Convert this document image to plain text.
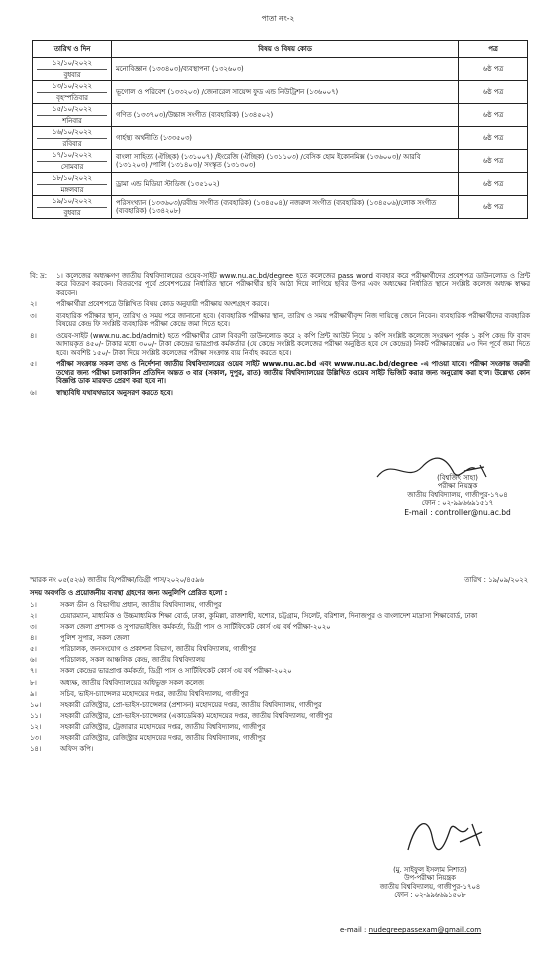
পাতা নং-২
তারিখ ও দিন	বিষয় ও বিষয় কোড	পত্র

১২/১০/২০২২
বুধবার	মনোবিজ্ঞান (১৩৩৪০৩)/ব্যবস্থাপনা (১৩২৬০৩)	৬ষ্ঠ পত্র

১৩/১০/২০২২
বৃহস্পতিবার	ভূগোল ও পরিবেশ (১৩৩২০৩) /জেনারেল সায়েন্স ফুড এন্ড নিউট্রিশন (১৩৬০০৭)	৬ষ্ঠ পত্র

১৫/১০/২০২২
শনিবার	গণিত (১৩৩৭০৩)/উচ্চাঙ্গ সংগীত (ব্যবহারিক) (১৩৪৫০২)	৬ষ্ঠ পত্র

১৬/১০/২০২২
রবিবার	গার্হস্থ্য অর্থনীতি (১৩৩৫০৩)	৬ষ্ঠ পত্র

১৭/১০/২০২২
সোমবার	বাংলা সাহিত্য (ঐচ্ছিক) (১৩১০০৭) /ইংরেজি (ঐচ্ছিক) (১৩১১০৩) /বেসিক হোম ইকোনমিক্স (১৩৬০০৩)/ আরবি (১৩১২০৩) /পালি (১৩১৪০৩)/ সংস্কৃত (১৩১৩০৩)	৬ষ্ঠ পত্র

১৮/১০/২০২২
মঙ্গলবার	ড্রামা এন্ড মিডিয়া স্টাডিজ (১৩৫১০২)	৬ষ্ঠ পত্র

১৯/১০/২০২২
বুধবার	পরিসংখ্যান (১৩৩৬০৩)/রবীন্দ্র সংগীত (ব্যবহারিক) (১৩৪৫০৪)/ নজরুল সংগীত (ব্যবহারিক) (১৩৪৫০৬)/লোক সংগীত (ব্যবহারিক) (১৩৪২০৮)	৬ষ্ঠ পত্র
বি: দ্র:	১। কলেজের অধ্যক্ষগণ জাতীয় বিশ্ববিদ্যালয়ের ওয়েব-সাইট www.nu.ac.bd/degree হতে কলেজের pass word ব্যবহার করে পরীক্ষার্থীদের প্রবেশপত্র ডাউনলোড ও প্রিন্ট করে বিতরণ করবেন। বিতরণের পূর্বে প্রবেশপত্রের নির্ধারিত স্থানে পরীক্ষার্থীর ছবি আঠা দিয়ে লাগিয়ে ছবির উপর এবং অধ্যক্ষের নির্ধারিত স্থানে সংশ্লিষ্ট কলেজ অধ্যক্ষ স্বাক্ষর করবেন।
২।	পরীক্ষার্থীরা প্রবেশপত্রে উল্লিখিত বিষয় কোড অনুযায়ী পরীক্ষায় অংশগ্রহণ করবে।
৩।	ব্যবহারিক পরীক্ষার স্থান, তারিখ ও সময় পরে জানানো হবে। (ব্যবহারিক পরীক্ষার স্থান, তারিখ ও সময় পরীক্ষার্থীবৃন্দ নিজ দায়িত্বে জেনে নিবেন। ব্যবহারিক পরীক্ষার্থীদের ব্যবহারিক বিষয়ের কেন্দ্র ফি সংশ্লিষ্ট ব্যবহারিক পরীক্ষা কেন্দ্রে জমা দিতে হবে।
৪।	ওয়েব-সাইট (www.nu.ac.bd/admit) হতে পরীক্ষার্থীর রোল বিবরণী ডাউনলোড করে ২ কপি প্রিন্ট আউট নিয়ে ১ কপি সংশ্লিষ্ট কলেজে সংরক্ষণ পূর্বক ১ কপি কেন্দ্র ফি বাবদ আদায়কৃত ৪৫০/- টাকার মধ্যে ৩০০/- টাকা কেন্দ্রের ভারপ্রাপ্ত কর্মকর্তার (যে কেন্দ্রে সংশ্লিষ্ট কলেজের পরীক্ষা অনুষ্ঠিত হবে সে কেন্দ্রের) নিকট পরীক্ষারম্ভের ০৩ দিন পূর্বে জমা দিতে হবে। অবশিষ্ট ১৫০/- টাকা দিয়ে সংশ্লিষ্ট কলেজের পরীক্ষা সংক্রান্ত ব্যয় নির্বাহ করতে হবে।
৫।	পরীক্ষা সংক্রান্ত সকল তথ্য ও নির্দেশনা জাতীয় বিশ্ববিদ্যালয়ের ওয়েব সাইট www.nu.ac.bd এবং www.nu.ac.bd/degree -এ পাওয়া যাবে। পরীক্ষা সংক্রান্ত জরুরী তথ্যের জন্য পরীক্ষা চলাকালিন প্রতিদিন অন্তত ৩ বার (সকাল, দুপুর, রাত) জাতীয় বিশ্ববিদ্যালয়ের উল্লিখিত ওয়েব সাইট ভিজিট করার জন্য অনুরোধ করা হ'ল। উল্লেখ্য কোন বিজ্ঞপ্তি ডাক মারফত প্রেরণ করা হবে না।
৬।	স্বাস্থ্যবিধি যথাযথভাবে অনুসরণ করতে হবে।
(বিশ্বজিৎ সাহা)
পরীক্ষা নিয়ন্ত্রক
জাতীয় বিশ্ববিদ্যালয়, গাজীপুর-১৭০৪
ফোন : ০২-৯৯৬৬৯১৫১৭
E-mail : controller@nu.ac.bd
স্মারক নং ০৫(৫২৬) জাতীয় বি/পরীক্ষা/ডিগ্রী পাস/২০২০/৪৫৯৬	তারিখ : ১৯/০৯/২০২২
সদয় অবগতি ও প্রয়োজনীয় ব্যবস্থা গ্রহণের জন্য অনুলিপি প্রেরিত হলো :
১।	সকল ডীন ও বিভাগীয় প্রধান, জাতীয় বিশ্ববিদ্যালয়, গাজীপুর
২।	চেয়ারম্যান, মাধ্যমিক ও উচ্চমাধ্যমিক শিক্ষা বোর্ড, ঢাকা, কুমিল্লা, রাজশাহী, যশোর, চট্টগ্রাম, সিলেট, বরিশাল, দিনাজপুর ও বাংলাদেশ মাদ্রাসা শিক্ষাবোর্ড, ঢাকা
৩।	সকল জেলা প্রশাসক ও সুপারভাইজিং কর্মকর্তা, ডিগ্রী পাস ও সার্টিফিকেট কোর্স ৩য় বর্ষ পরীক্ষা-২০২০
৪।	পুলিশ সুপার, সকল জেলা
৫।	পরিচালক, জনসংযোগ ও প্রকাশনা বিভাগ, জাতীয় বিশ্ববিদ্যালয়, গাজীপুর
৬।	পরিচালক, সকল আঞ্চলিক কেন্দ্র, জাতীয় বিশ্ববিদ্যালয়
৭।	সকল কেন্দ্রের ভারপ্রাপ্ত কর্মকর্তা, ডিগ্রী পাস ও সার্টিফিকেট কোর্স ৩য় বর্ষ পরীক্ষা-২০২০
৮।	অধ্যক্ষ, জাতীয় বিশ্ববিদ্যালয়ের অধিভুক্ত সকল কলেজ
৯।	সচিব, ভাইস-চ্যান্সেলর মহোদয়ের দপ্তর, জাতীয় বিশ্ববিদ্যালয়, গাজীপুর
১০।	সহকারী রেজিস্ট্রার, প্রো-ভাইস-চ্যান্সেলর (প্রশাসন) মহোদয়ের দপ্তর, জাতীয় বিশ্ববিদ্যালয়, গাজীপুর
১১।	সহকারী রেজিস্ট্রার, প্রো-ভাইস-চ্যান্সেলর (একাডেমিক) মহোদয়ের দপ্তর, জাতীয় বিশ্ববিদ্যালয়, গাজীপুর
১২।	সহকারী রেজিস্ট্রার, ট্রেজারার মহোদয়ের দপ্তর, জাতীয় বিশ্ববিদ্যালয়, গাজীপুর
১৩।	সহকারী রেজিস্ট্রার, রেজিস্ট্রার মহোদয়ের দপ্তর, জাতীয় বিশ্ববিদ্যালয়, গাজীপুর
১৪।	অফিস কপি।
(মু. সাইফুল ইসলাম নিশাত)
উপ-পরীক্ষা নিয়ন্ত্রক
জাতীয় বিশ্ববিদ্যালয়, গাজীপুর-১৭০৪
ফোন : ০২-৯৯৬৬৯১৫০৮
e-mail : nudegreepassexam@gmail.com
